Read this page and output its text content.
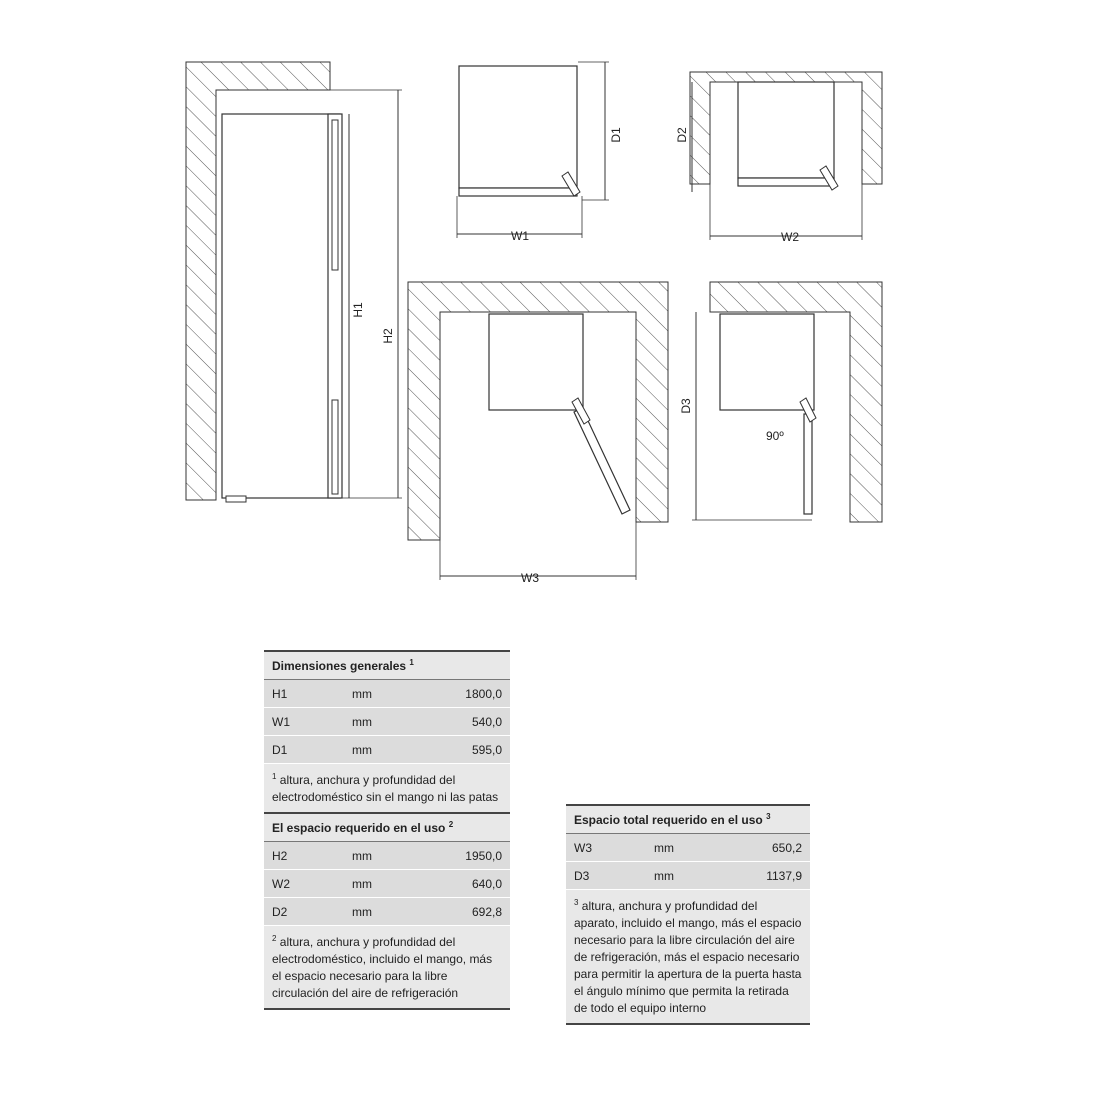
H1
H2
W1
D1
W2
D2
W3
90º
D3
Dimensiones generales $^1$
H1	mm	1800,0
W1	mm	540,0
D1	mm	595,0
$^1$ altura, anchura y profundidad del electrodoméstico sin el mango ni las patas
El espacio requerido en el uso $^2$
H2	mm	1950,0
W2	mm	640,0
D2	mm	692,8
$^2$ altura, anchura y profundidad del electrodoméstico, incluido el mango, más el espacio necesario para la libre circulación del aire de refrigeración
Espacio total requerido en el uso $^3$
W3	mm	650,2
D3	mm	1137,9
$^3$ altura, anchura y profundidad del aparato, incluido el mango, más el espacio necesario para la libre circulación del aire de refrigeración, más el espacio necesario para permitir la apertura de la puerta hasta el ángulo mínimo que permita la retirada de todo el equipo interno
